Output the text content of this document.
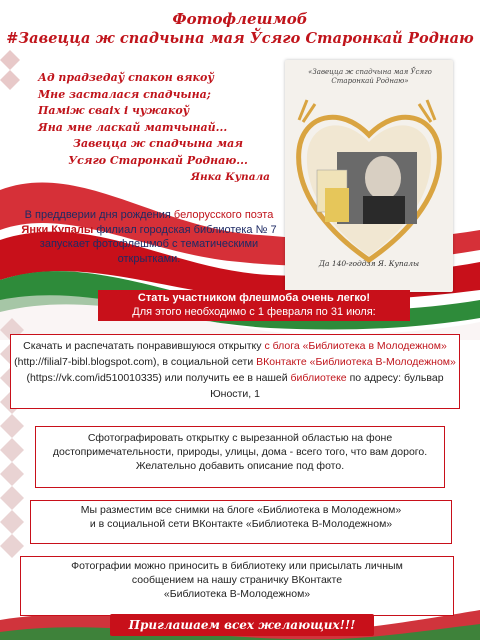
Фотофлешмоб
#Завецца ж спадчына мая Ўсяго Старонкай Роднаю
Ад прадзедаў спакон вякоў
Мне засталася спадчына;
Паміж сваіх і чужакоў
Яна мне ласкай матчынай...
Завецца ж спадчына мая
Усяго Старонкай Роднаю...
Янка Купала
«Завецца ж спадчына мая Ўсяго Старонкай Роднаю»
Да 140-годдзя Я. Купалы
В преддверии дня рождения белорусского поэта Янки Купалы филиал городская библиотека № 7 запускает фотофлешмоб с тематическими открытками.
Стать участником флешмоба очень легко!
Для этого необходимо с 1 февраля по 31 июля:
Скачать и распечатать понравившуюся открытку с блога «Библиотека в Молодежном» (http://filial7-bibl.blogspot.com), в социальной сети ВКонтакте «Библиотека В-Молодежном» (https://vk.com/id510010335) или получить ее в нашей библиотеке по адресу: бульвар Юности, 1
Сфотографировать открытку с вырезанной областью на фоне достопримечательности, природы, улицы, дома - всего того, что вам дорого. Желательно добавить описание под фото.
Мы разместим все снимки на блоге «Библиотека в Молодежном»
и в социальной сети ВКонтакте «Библиотека В-Молодежном»
Фотографии можно приносить в библиотеку или присылать личным
сообщением на нашу страничку ВКонтакте
«Библиотека В-Молодежном»
Приглашаем всех желающих!!!
